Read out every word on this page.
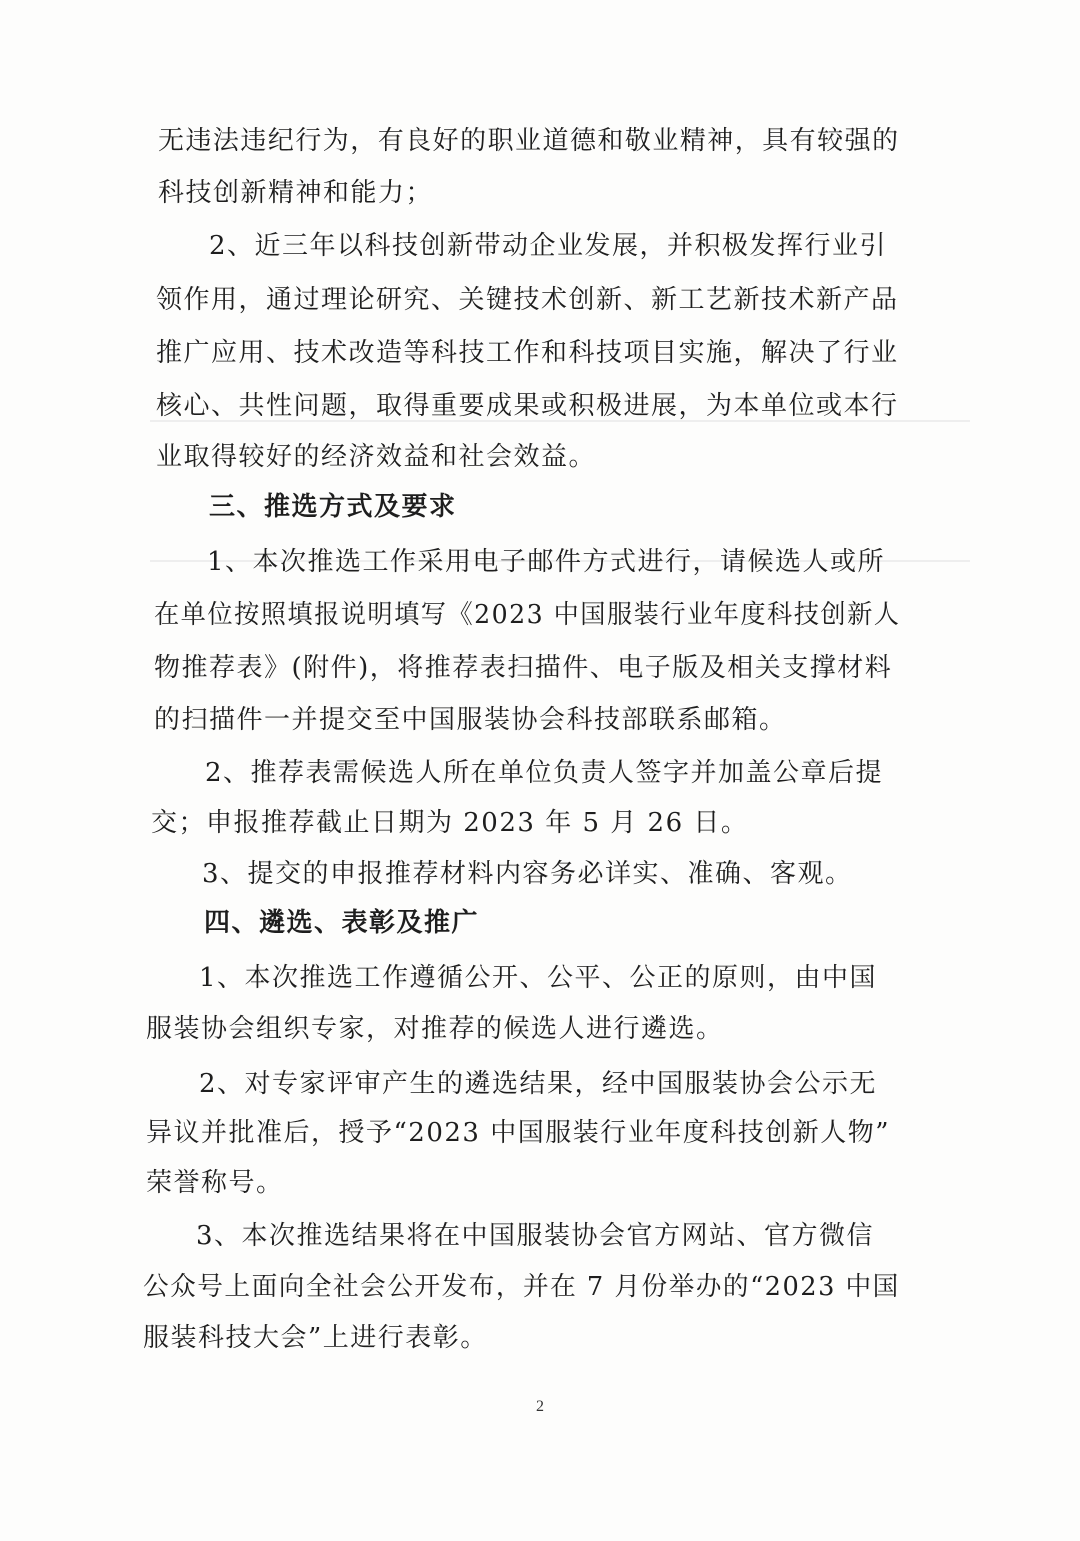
无违法违纪行为，有良好的职业道德和敬业精神，具有较强的
科技创新精神和能力；
2、近三年以科技创新带动企业发展，并积极发挥行业引
领作用，通过理论研究、关键技术创新、新工艺新技术新产品
推广应用、技术改造等科技工作和科技项目实施，解决了行业
核心、共性问题，取得重要成果或积极进展，为本单位或本行
业取得较好的经济效益和社会效益。
三、推选方式及要求
1、本次推选工作采用电子邮件方式进行，请候选人或所
在单位按照填报说明填写《2023 中国服装行业年度科技创新人
物推荐表》(附件)，将推荐表扫描件、电子版及相关支撑材料
的扫描件一并提交至中国服装协会科技部联系邮箱。
2、推荐表需候选人所在单位负责人签字并加盖公章后提
交；申报推荐截止日期为 2023 年 5 月 26 日。
3、提交的申报推荐材料内容务必详实、准确、客观。
四、遴选、表彰及推广
1、本次推选工作遵循公开、公平、公正的原则，由中国
服装协会组织专家，对推荐的候选人进行遴选。
2、对专家评审产生的遴选结果，经中国服装协会公示无
异议并批准后，授予“2023 中国服装行业年度科技创新人物”
荣誉称号。
3、本次推选结果将在中国服装协会官方网站、官方微信
公众号上面向全社会公开发布，并在 7 月份举办的“2023 中国
服装科技大会”上进行表彰。
2
